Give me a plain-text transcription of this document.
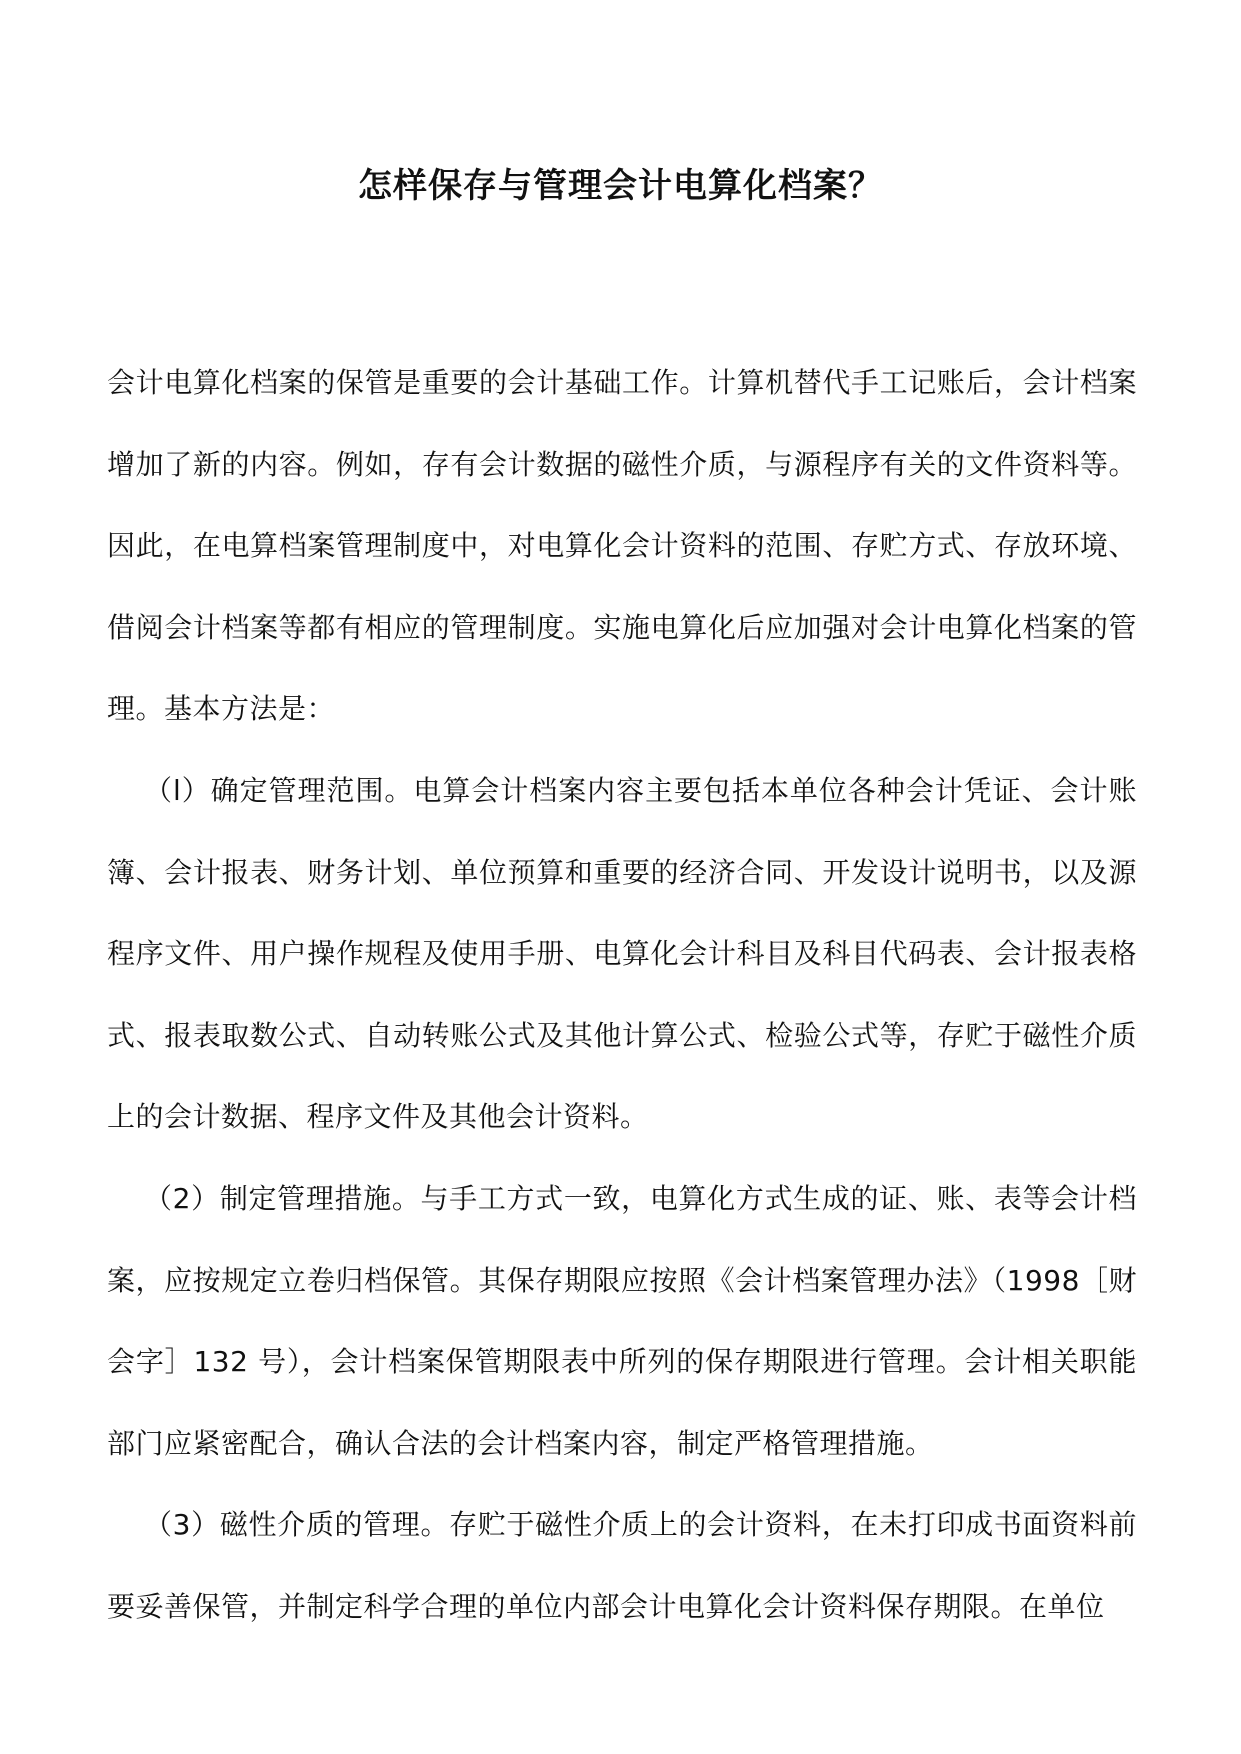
怎样保存与管理会计电算化档案？

会计电算化档案的保管是重要的会计基础工作。计算机替代手工记账后，会计档案增加了新的内容。例如，存有会计数据的磁性介质，与源程序有关的文件资料等。因此，在电算档案管理制度中，对电算化会计资料的范围、存贮方式、存放环境、借阅会计档案等都有相应的管理制度。实施电算化后应加强对会计电算化档案的管理。基本方法是：

（l）确定管理范围。电算会计档案内容主要包括本单位各种会计凭证、会计账簿、会计报表、财务计划、单位预算和重要的经济合同、开发设计说明书，以及源程序文件、用户操作规程及使用手册、电算化会计科目及科目代码表、会计报表格式、报表取数公式、自动转账公式及其他计算公式、检验公式等，存贮于磁性介质上的会计数据、程序文件及其他会计资料。

（2）制定管理措施。与手工方式一致，电算化方式生成的证、账、表等会计档案，应按规定立卷归档保管。其保存期限应按照《会计档案管理办法》（1998［财会字］132 号），会计档案保管期限表中所列的保存期限进行管理。会计相关职能部门应紧密配合，确认合法的会计档案内容，制定严格管理措施。

（3）磁性介质的管理。存贮于磁性介质上的会计资料，在未打印成书面资料前要妥善保管，并制定科学合理的单位内部会计电算化会计资料保存期限。在单位
